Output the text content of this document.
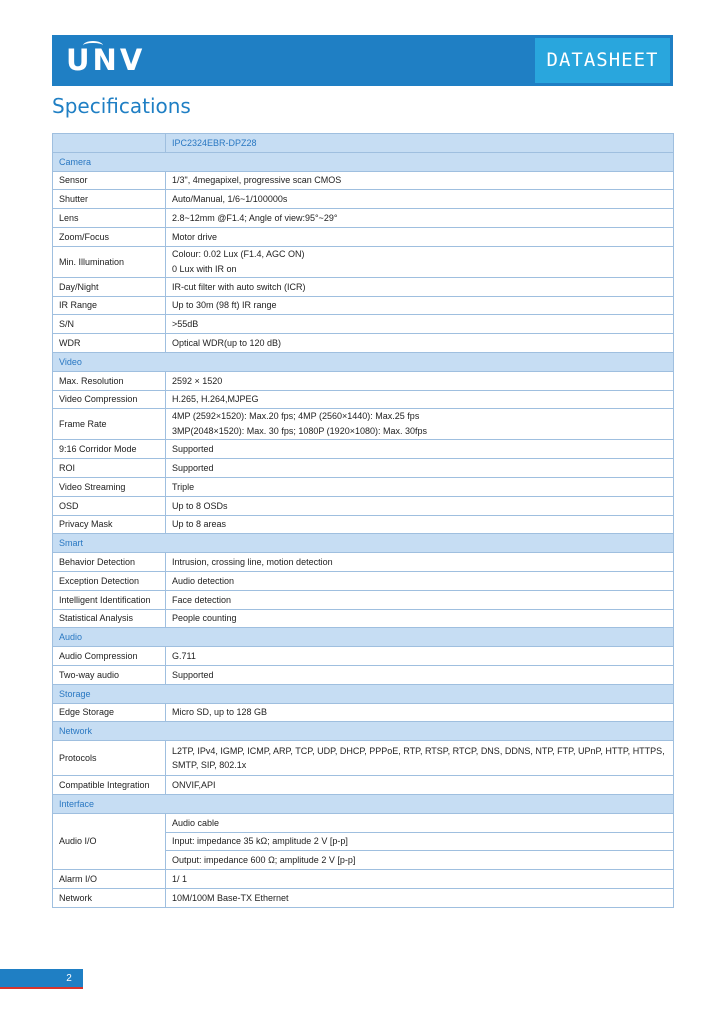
UNV	DATASHEET
Specifications
	IPC2324EBR-DPZ28
Camera	
Sensor	1/3", 4megapixel, progressive scan CMOS
Shutter	Auto/Manual, 1/6~1/100000s
Lens	2.8~12mm @F1.4; Angle of view:95°~29°
Zoom/Focus	Motor drive
Min. Illumination	Colour: 0.02 Lux (F1.4, AGC ON)
0 Lux with IR on

Day/Night	IR-cut filter with auto switch (ICR)
IR Range	Up to 30m (98 ft) IR range
S/N	>55dB
WDR	Optical WDR(up to 120 dB)
Video	
Max. Resolution	2592 × 1520
Video Compression	H.265, H.264,MJPEG
Frame Rate	4MP (2592×1520): Max.20 fps; 4MP (2560×1440): Max.25 fps
3MP(2048×1520): Max. 30 fps; 1080P (1920×1080): Max. 30fps

9:16 Corridor Mode	Supported
ROI	Supported
Video Streaming	Triple
OSD	Up to 8 OSDs
Privacy Mask	Up to 8 areas
Smart	
Behavior Detection	Intrusion, crossing line, motion detection
Exception Detection	Audio detection
Intelligent Identification	Face detection
Statistical Analysis	People counting
Audio	
Audio Compression	G.711
Two-way audio	Supported
Storage	
Edge Storage	Micro SD, up to 128 GB
Network	
Protocols	L2TP, IPv4, IGMP, ICMP, ARP, TCP, UDP, DHCP, PPPoE, RTP, RTSP, RTCP, DNS, DDNS, NTP, FTP, UPnP, HTTP, HTTPS, SMTP, SIP, 802.1x
Compatible Integration	ONVIF,API
Interface	
Audio I/O	Audio cable
	Input: impedance 35 kΩ; amplitude 2 V [p-p]
	Output: impedance 600 Ω; amplitude 2 V [p-p]
Alarm I/O	1/ 1
Network	10M/100M Base-TX Ethernet
2
